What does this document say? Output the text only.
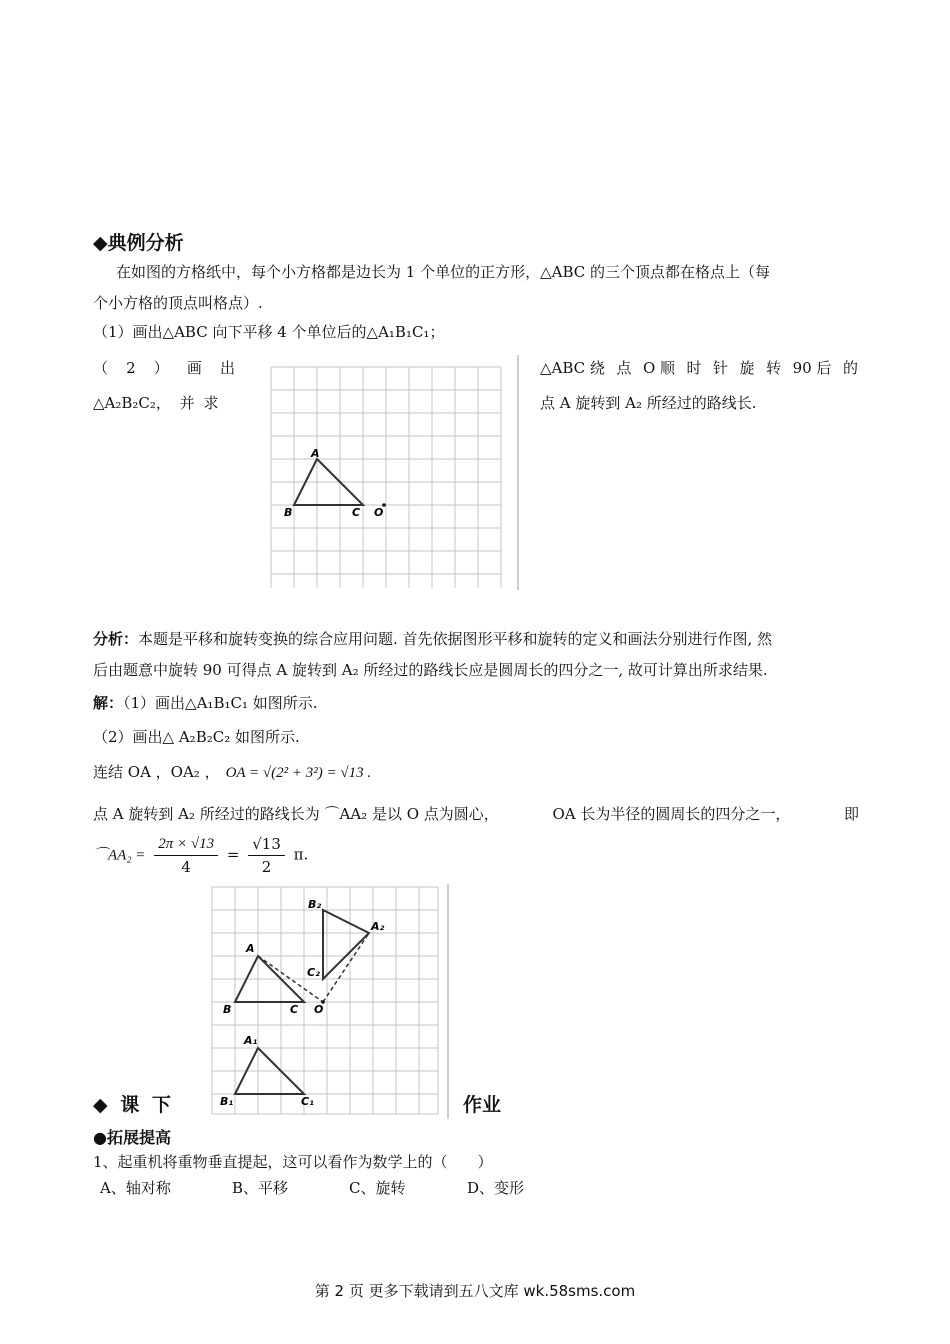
◆典例分析
在如图的方格纸中，每个小方格都是边长为 1 个单位的正方形，△ABC 的三个顶点都在格点上（每
个小方格的顶点叫格点）.
（1）画出△ABC 向下平移 4 个单位后的△A₁B₁C₁；
（ 2 ） 画 出
△A₂B₂C₂， 并 求
△ABC 绕 点 O 顺 时 针 旋 转 90 后 的
点 A 旋转到 A₂ 所经过的路线长.
A
B	C O
分析：本题是平移和旋转变换的综合应用问题. 首先依据图形平移和旋转的定义和画法分别进行作图, 然
后由题意中旋转 90 可得点 A 旋转到 A₂ 所经过的路线长应是圆周长的四分之一, 故可计算出所求结果.
解：（1）画出△A₁B₁C₁ 如图所示.
（2）画出△ A₂B₂C₂ 如图所示.
连结 OA ，OA₂ ， OA = √(2² + 3²) = √13 .
点 A 旋转到 A₂ 所经过的路线长为 ⌒AA₂ 是以 O 点为圆心，	OA 长为半径的圆周长的四分之一，	即
⌒AA₂ = $\frac{2\pi \times √13}{4} = \frac{√13}{2} \pi$.
A
B	C O
A₁
B₁	C₁
B₂
C₂
A₂
◆ 课 下	作业
●拓展提高
1、起重机将重物垂直提起，这可以看作为数学上的（　　）
A、轴对称	B、平移	C、旋转	D、变形
第 2 页 更多下载请到五八文库 wk.58sms.com
